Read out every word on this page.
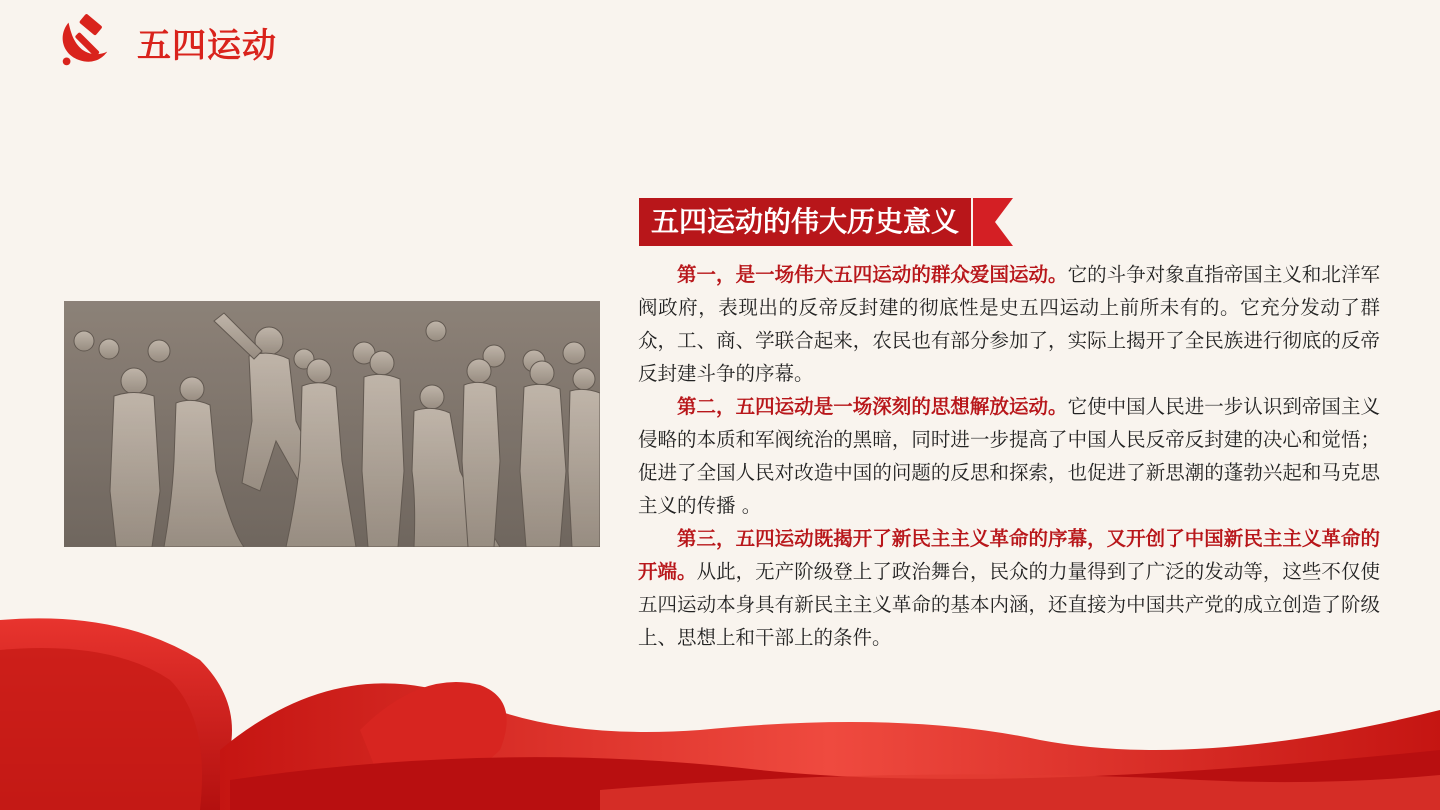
五四运动
五四运动的伟大历史意义

第一，是一场伟大五四运动的群众爱国运动。它的斗争对象直指帝国主义和北洋军阀政府，表现出的反帝反封建的彻底性是史五四运动上前所未有的。它充分发动了群众，工、商、学联合起来，农民也有部分参加了，实际上揭开了全民族进行彻底的反帝反封建斗争的序幕。

第二，五四运动是一场深刻的思想解放运动。它使中国人民进一步认识到帝国主义侵略的本质和军阀统治的黑暗，同时进一步提高了中国人民反帝反封建的决心和觉悟；促进了全国人民对改造中国的问题的反思和探索，也促进了新思潮的蓬勃兴起和马克思主义的传播 。

第三，五四运动既揭开了新民主主义革命的序幕，又开创了中国新民主主义革命的开端。从此，无产阶级登上了政治舞台，民众的力量得到了广泛的发动等，这些不仅使五四运动本身具有新民主主义革命的基本内涵，还直接为中国共产党的成立创造了阶级上、思想上和干部上的条件。
